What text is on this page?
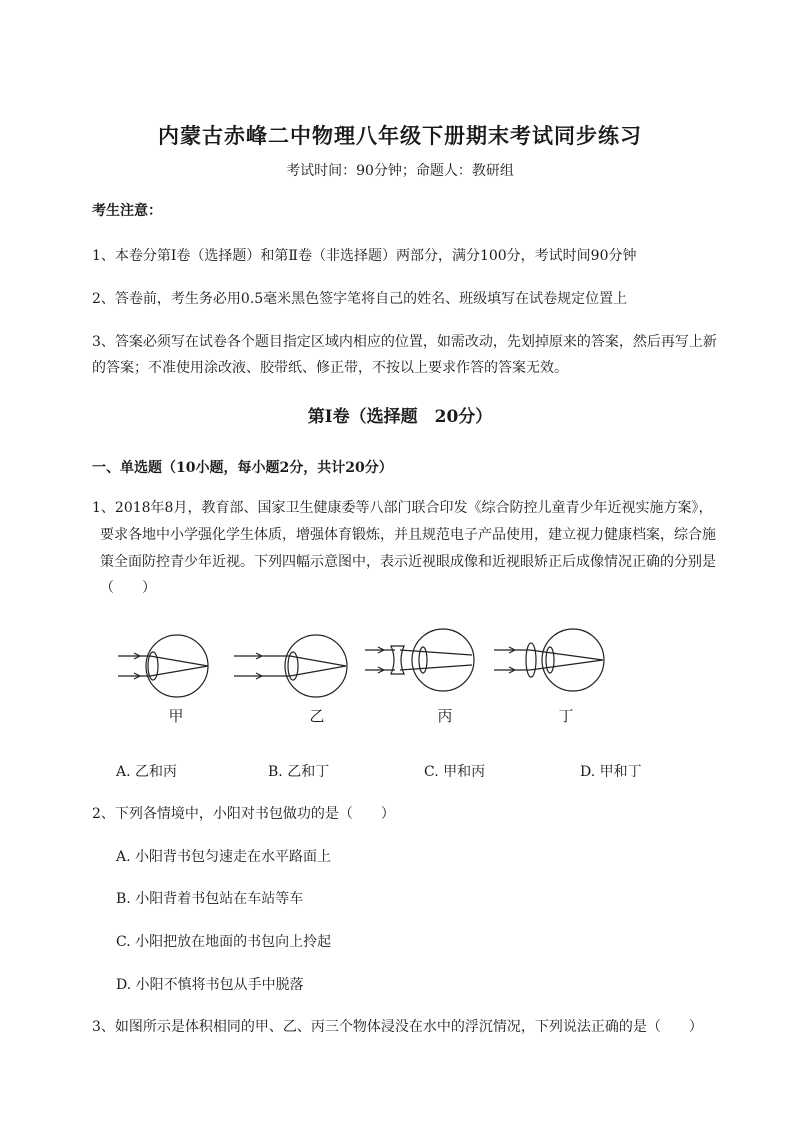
内蒙古赤峰二中物理八年级下册期末考试同步练习
考试时间：90分钟；命题人：教研组
考生注意：
1、本卷分第I卷（选择题）和第Ⅱ卷（非选择题）两部分，满分100分，考试时间90分钟
2、答卷前，考生务必用0.5毫米黑色签字笔将自己的姓名、班级填写在试卷规定位置上
3、答案必须写在试卷各个题目指定区域内相应的位置，如需改动，先划掉原来的答案，然后再写上新
的答案；不准使用涂改液、胶带纸、修正带，不按以上要求作答的答案无效。
第I卷（选择题　20分）
一、单选题（10小题，每小题2分，共计20分）
1、2018年8月，教育部、国家卫生健康委等八部门联合印发《综合防控儿童青少年近视实施方案》，
要求各地中小学强化学生体质，增强体育锻炼，并且规范电子产品使用，建立视力健康档案，综合施
策全面防控青少年近视。下列四幅示意图中，表示近视眼成像和近视眼矫正后成像情况正确的分别是
（　　）
甲	乙	丙	丁
A. 乙和丙	B. 乙和丁	C. 甲和丙	D. 甲和丁
2、下列各情境中，小阳对书包做功的是（　　）
A. 小阳背书包匀速走在水平路面上
B. 小阳背着书包站在车站等车
C. 小阳把放在地面的书包向上拎起
D. 小阳不慎将书包从手中脱落
3、如图所示是体积相同的甲、乙、丙三个物体浸没在水中的浮沉情况，下列说法正确的是（　　）
